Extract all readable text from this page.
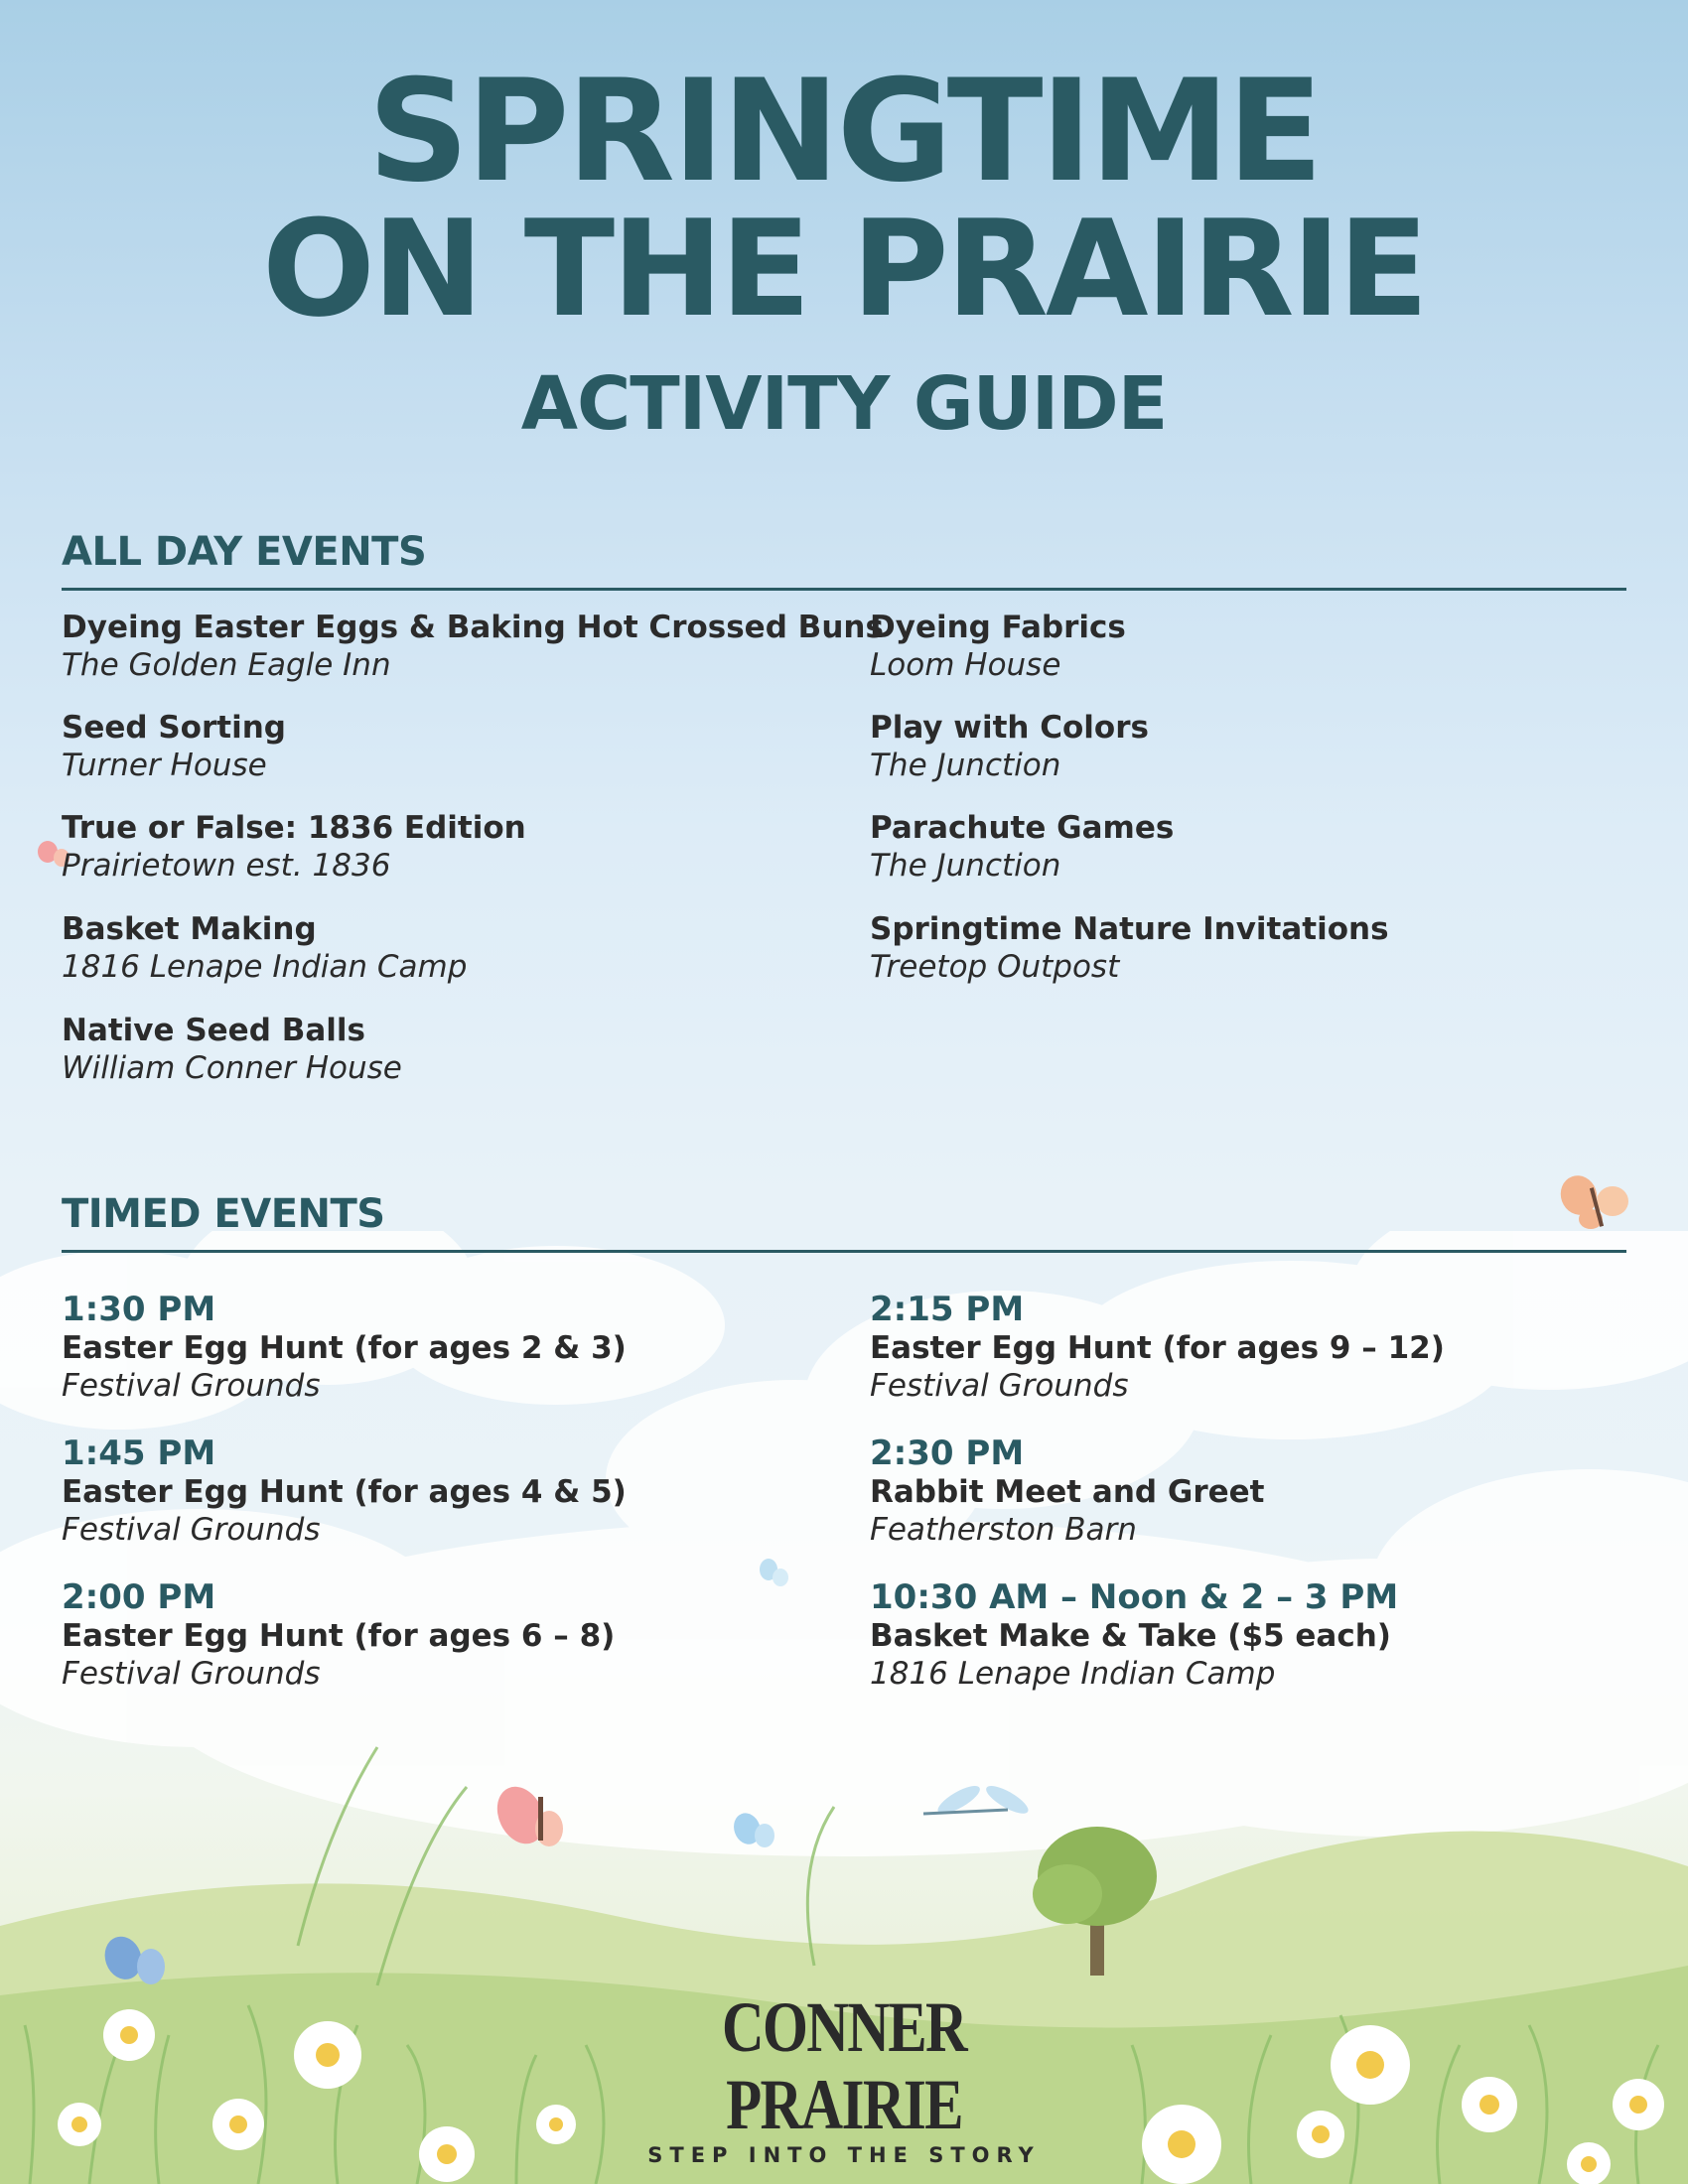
SPRINGTIME
ON THE PRAIRIE
ACTIVITY GUIDE
ALL DAY EVENTS
Dyeing Easter Eggs & Baking Hot Crossed Buns
The Golden Eagle Inn
Seed Sorting
Turner House
True or False: 1836 Edition
Prairietown est. 1836
Basket Making
1816 Lenape Indian Camp
Native Seed Balls
William Conner House
Dyeing Fabrics
Loom House
Play with Colors
The Junction
Parachute Games
The Junction
Springtime Nature Invitations
Treetop Outpost
TIMED EVENTS
1:30 PM
Easter Egg Hunt (for ages 2 & 3)
Festival Grounds
1:45 PM
Easter Egg Hunt (for ages 4 & 5)
Festival Grounds
2:00 PM
Easter Egg Hunt (for ages 6 – 8)
Festival Grounds
2:15 PM
Easter Egg Hunt (for ages 9 – 12)
Festival Grounds
2:30 PM
Rabbit Meet and Greet
Featherston Barn
10:30 AM – Noon & 2 – 3 PM
Basket Make & Take ($5 each)
1816 Lenape Indian Camp
CONNER PRAIRIE
STEP INTO THE STORY
